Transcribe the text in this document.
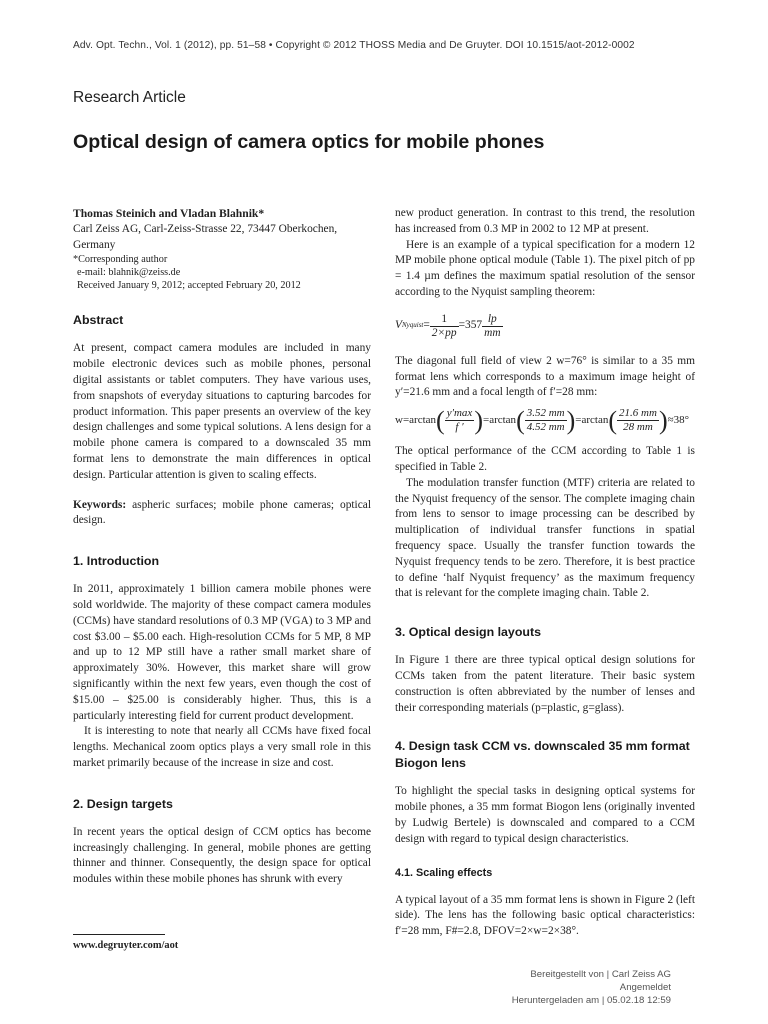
Adv. Opt. Techn., Vol. 1 (2012), pp. 51–58 • Copyright © 2012 THOSS Media and De Gruyter. DOI 10.1515/aot-2012-0002
Research Article
Optical design of camera optics for mobile phones

Thomas Steinich and Vladan Blahnik*

Carl Zeiss AG, Carl-Zeiss-Strasse 22, 73447 Oberkochen, Germany

*Corresponding author
e-mail: blahnik@zeiss.de
Received January 9, 2012; accepted February 20, 2012
Abstract

At present, compact camera modules are included in many mobile electronic devices such as mobile phones, personal digital assistants or tablet computers. They have various uses, from snapshots of everyday situations to capturing barcodes for product information. This paper presents an overview of the key design challenges and some typical solutions. A lens design for a mobile phone camera is compared to a downscaled 35 mm format lens to demonstrate the main differences in optical design. Particular attention is given to scaling effects.

Keywords: aspheric surfaces; mobile phone cameras; optical design.

1. Introduction

In 2011, approximately 1 billion camera mobile phones were sold worldwide. The majority of these compact camera modules (CCMs) have standard resolutions of 0.3 MP (VGA) to 3 MP and cost $3.00 – $5.00 each. High-resolution CCMs for 5 MP, 8 MP and up to 12 MP still have a rather small market share of approximately 30%. However, this market share will grow significantly within the next few years, even though the cost of $15.00 – $25.00 is considerably higher. Thus, this is a particularly interesting field for current product development.

It is interesting to note that nearly all CCMs have fixed focal lengths. Mechanical zoom optics plays a very small role in this market primarily because of the increase in size and cost.

2. Design targets

In recent years the optical design of CCM optics has become increasingly challenging. In general, mobile phones are getting thinner and thinner. Consequently, the design space for optical modules within these mobile phones has shrunk with every

new product generation. In contrast to this trend, the resolution has increased from 0.3 MP in 2002 to 12 MP at present.

Here is an example of a typical specification for a modern 12 MP mobile phone optical module (Table 1). The pixel pitch of pp = 1.4 µm defines the maximum spatial resolution of the sensor according to the Nyquist sampling theorem:

V Nyquist = $\frac{1}{2\times pp} =357 \frac{lp}{mm}$

The diagonal full field of view 2 w=76° is similar to a 35 mm format lens which corresponds to a maximum image height of y′=21.6 mm and a focal length of f′=28 mm:

w=arctan ( $\frac{y'\max}{f '}$ ) =arctan ( $\frac{3.52 mm}{4.52 mm}$ ) =arctan ( $\frac{21.6 mm}{28 mm}$ ) ≈38°

The optical performance of the CCM according to Table 1 is specified in Table 2.

The modulation transfer function (MTF) criteria are related to the Nyquist frequency of the sensor. The complete imaging chain from lens to sensor to image processing can be described by multiplication of individual transfer functions in spatial frequency space. Usually the transfer function towards the Nyquist frequency tends to be zero. Therefore, it is best practice to define ‘half Nyquist frequency’ as the maximum frequency that is relevant for the complete imaging chain. Table 2.

3. Optical design layouts

In Figure 1 there are three typical optical design solutions for CCMs taken from the patent literature. Their basic system construction is often abbreviated by the number of lenses and their corresponding materials (p=plastic, g=glass).

4. Design task CCM vs. downscaled 35 mm format Biogon lens

To highlight the special tasks in designing optical systems for mobile phones, a 35 mm format Biogon lens (originally invented by Ludwig Bertele) is downscaled and compared to a CCM design with regard to typical design characteristics.

4.1. Scaling effects

A typical layout of a 35 mm format lens is shown in Figure 2 (left side). The lens has the following basic optical characteristics: f′=28 mm, F#=2.8, DFOV=2×w=2×38°.

www.degruyter.com/aot
Bereitgestellt von | Carl Zeiss AG
Angemeldet
Heruntergeladen am | 05.02.18 12:59
